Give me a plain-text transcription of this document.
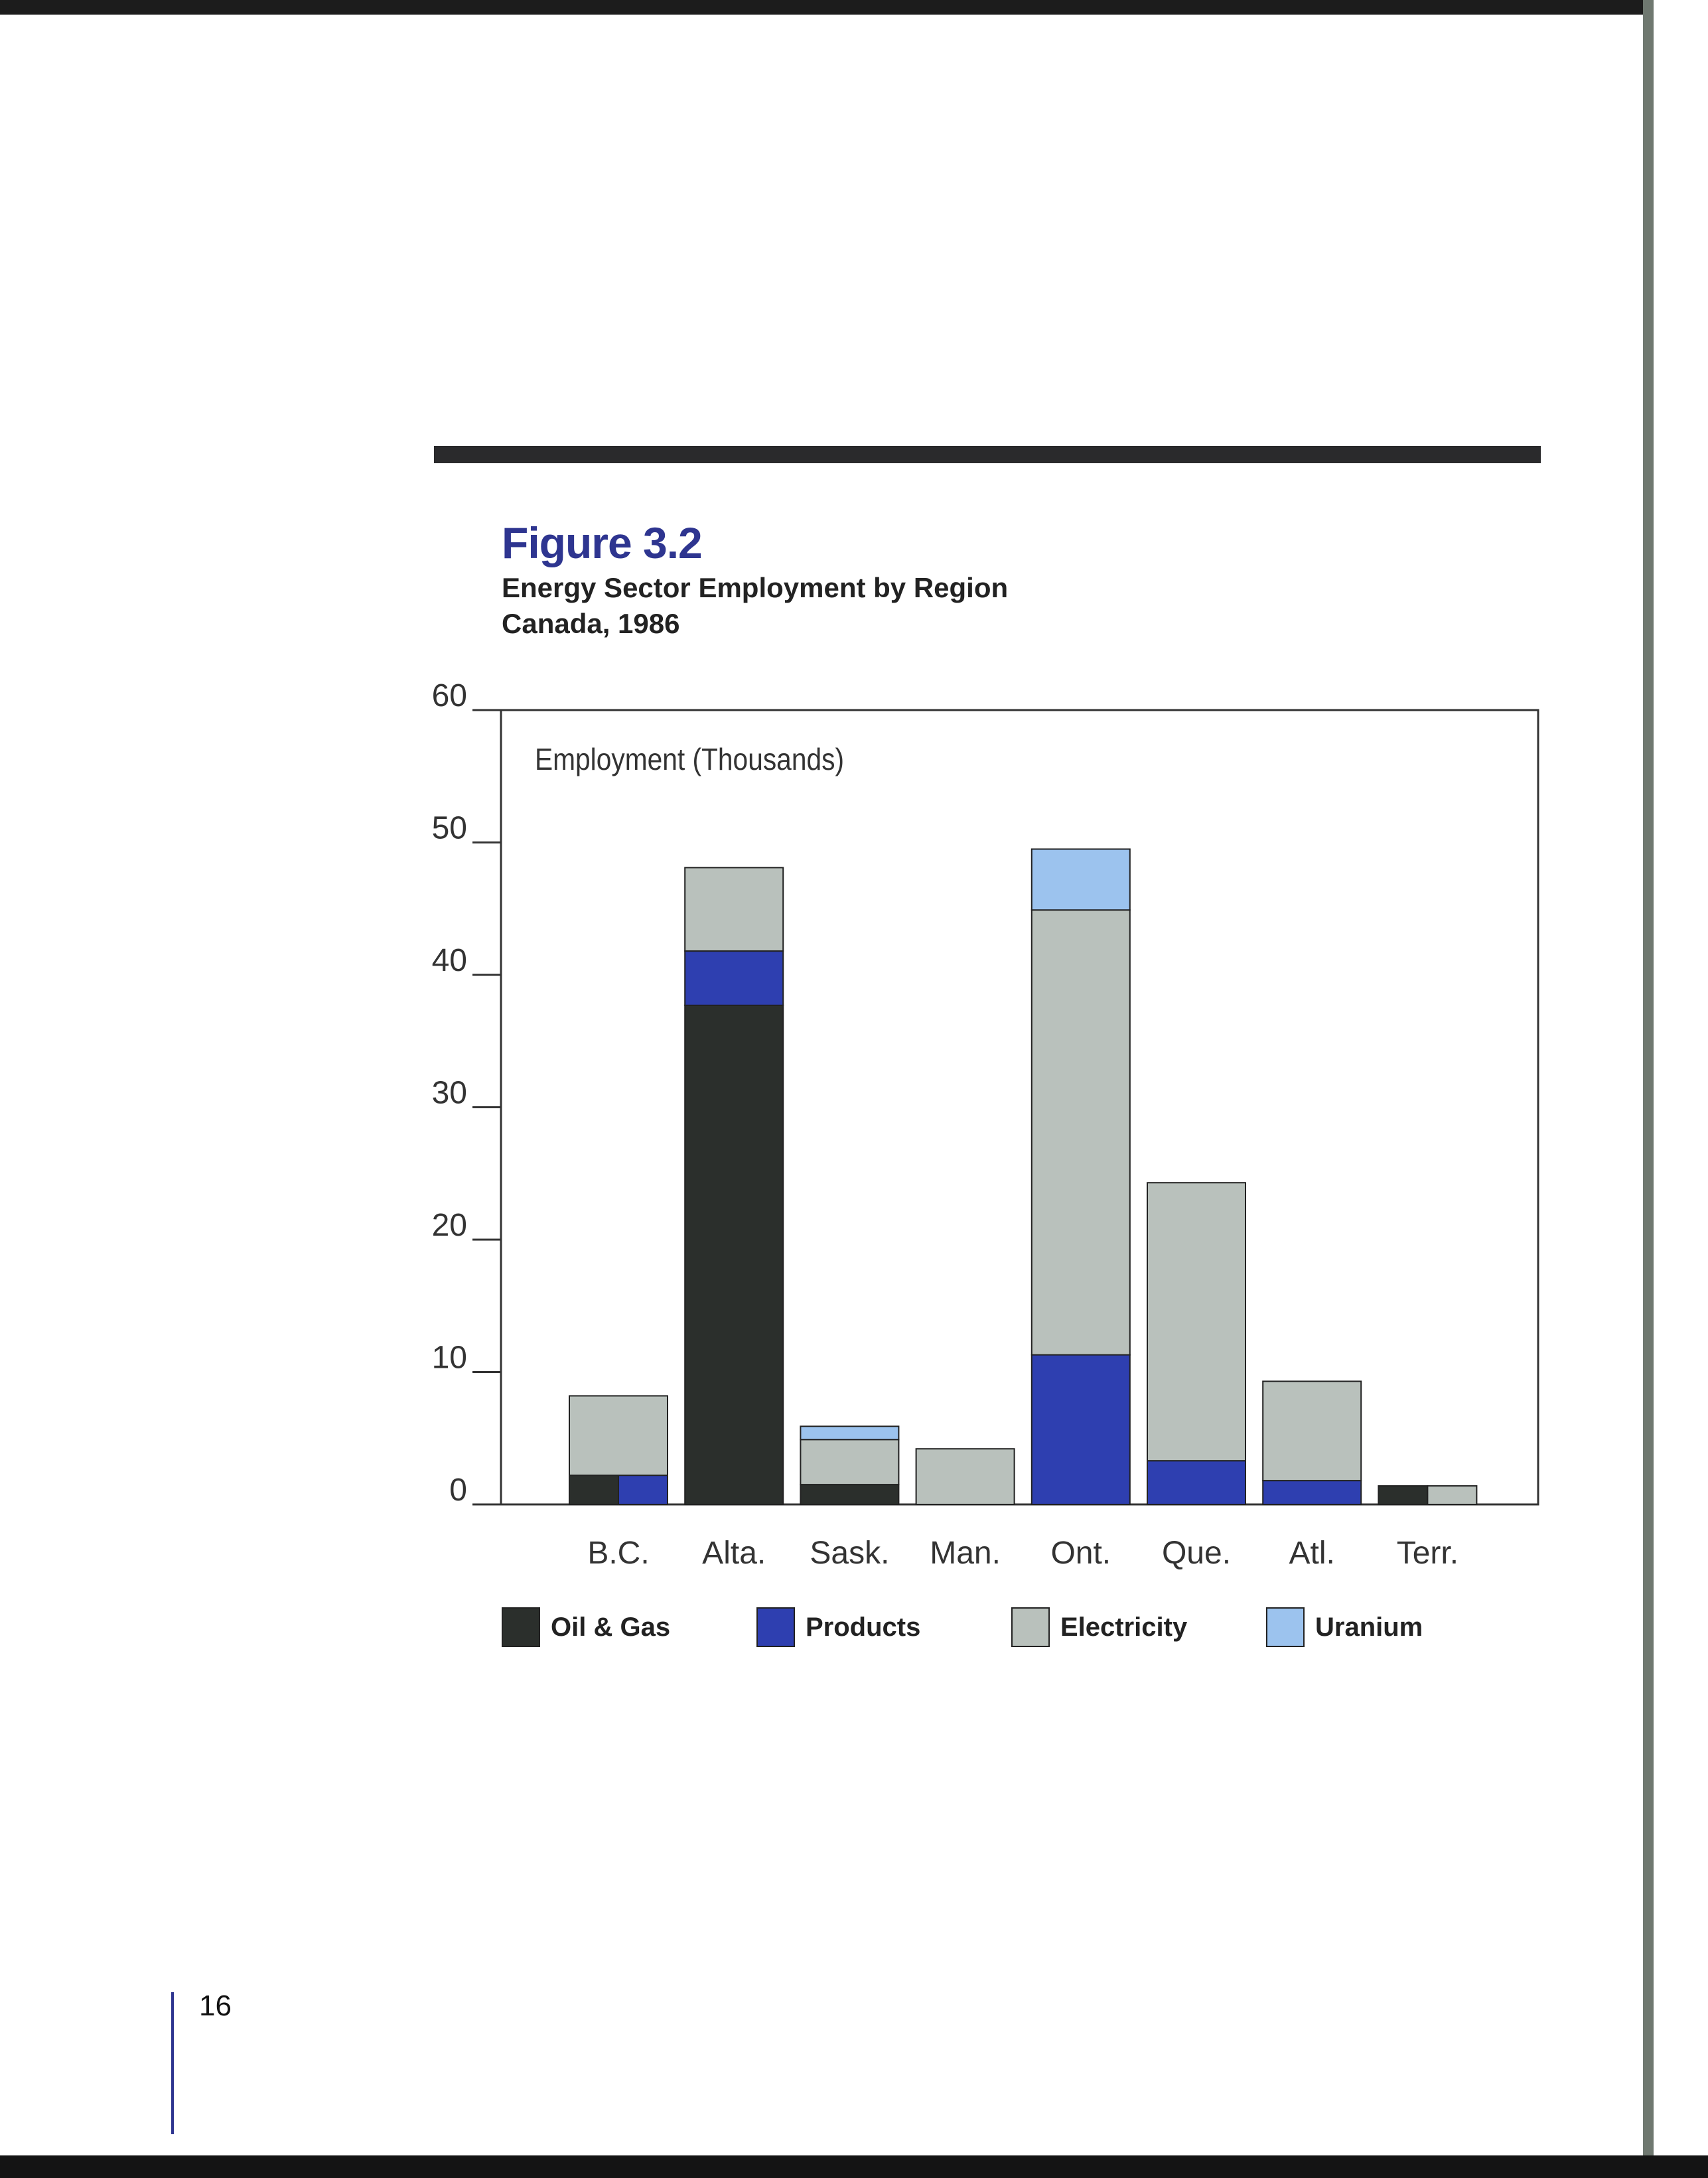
Figure 3.2
Energy Sector Employment by Region
Canada, 1986
0
10
20
30
40
50
60
B.C. Alta. Sask. Man. Ont. Que. Atl. Terr.
Employment (Thousands)
Oil & Gas	Products	Electricity	Uranium
16
